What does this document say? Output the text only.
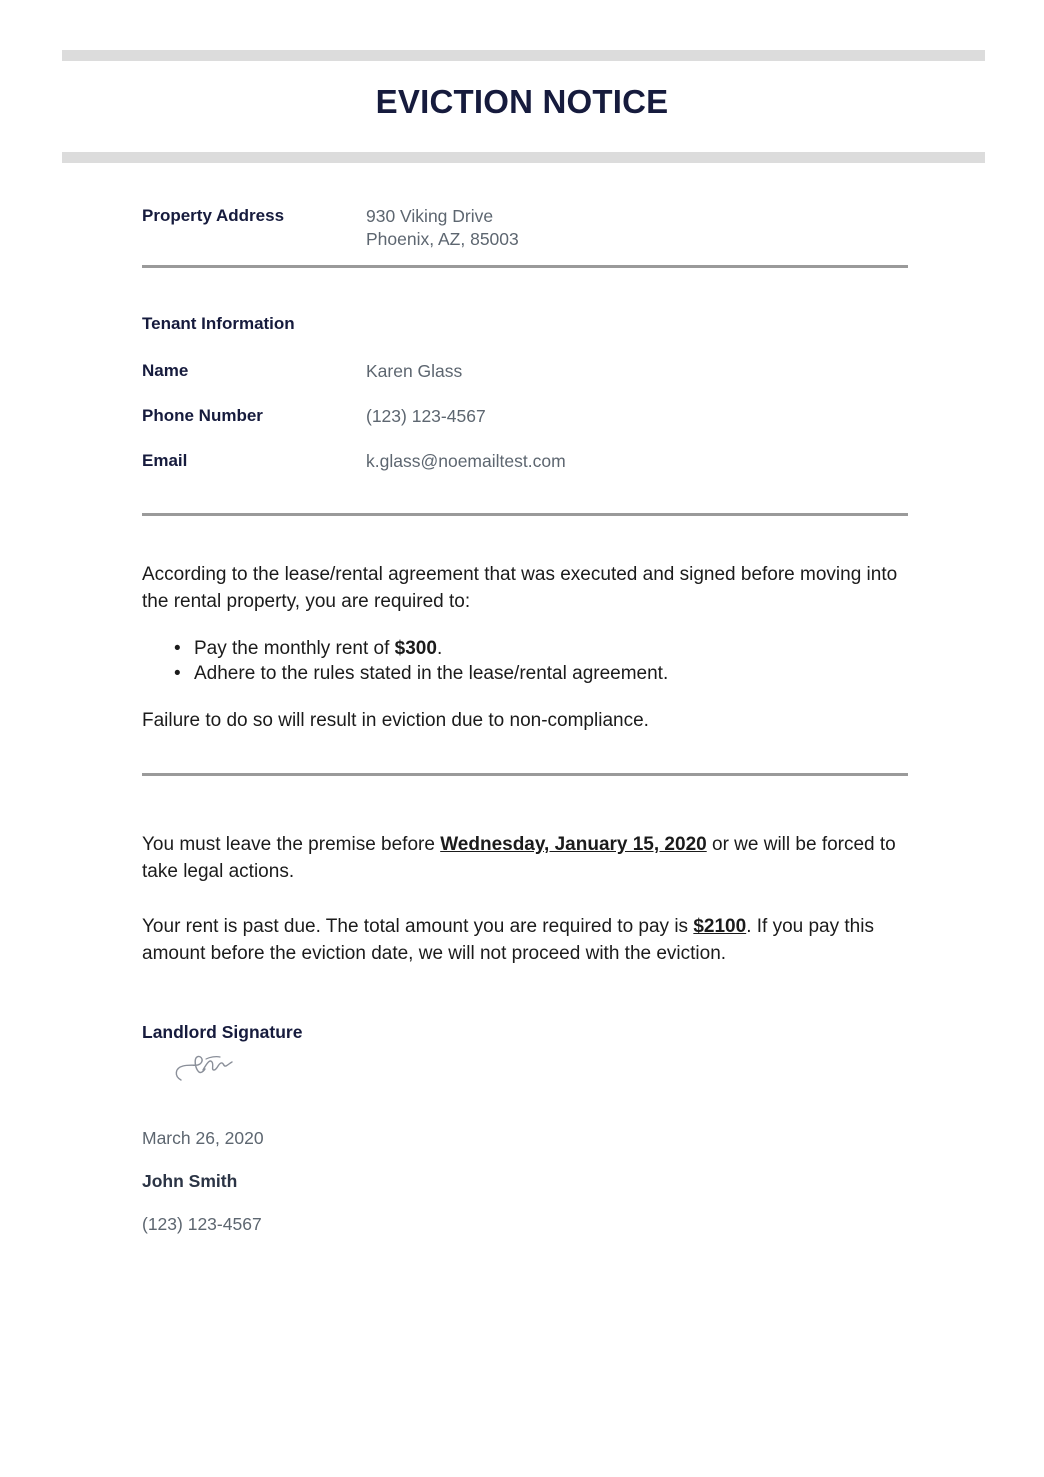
EVICTION NOTICE
Property Address	930 Viking Drive
Phoenix, AZ, 85003
Tenant Information
Name	Karen Glass
Phone Number	(123) 123-4567
Email	k.glass@noemailtest.com

According to the lease/rental agreement that was executed and signed before moving into the rental property, you are required to:

• Pay the monthly rent of $300.
• Adhere to the rules stated in the lease/rental agreement.

Failure to do so will result in eviction due to non-compliance.

You must leave the premise before Wednesday, January 15, 2020 or we will be forced to take legal actions.

Your rent is past due. The total amount you are required to pay is $2100. If you pay this amount before the eviction date, we will not proceed with the eviction.

Landlord Signature
March 26, 2020
John Smith
(123) 123-4567
